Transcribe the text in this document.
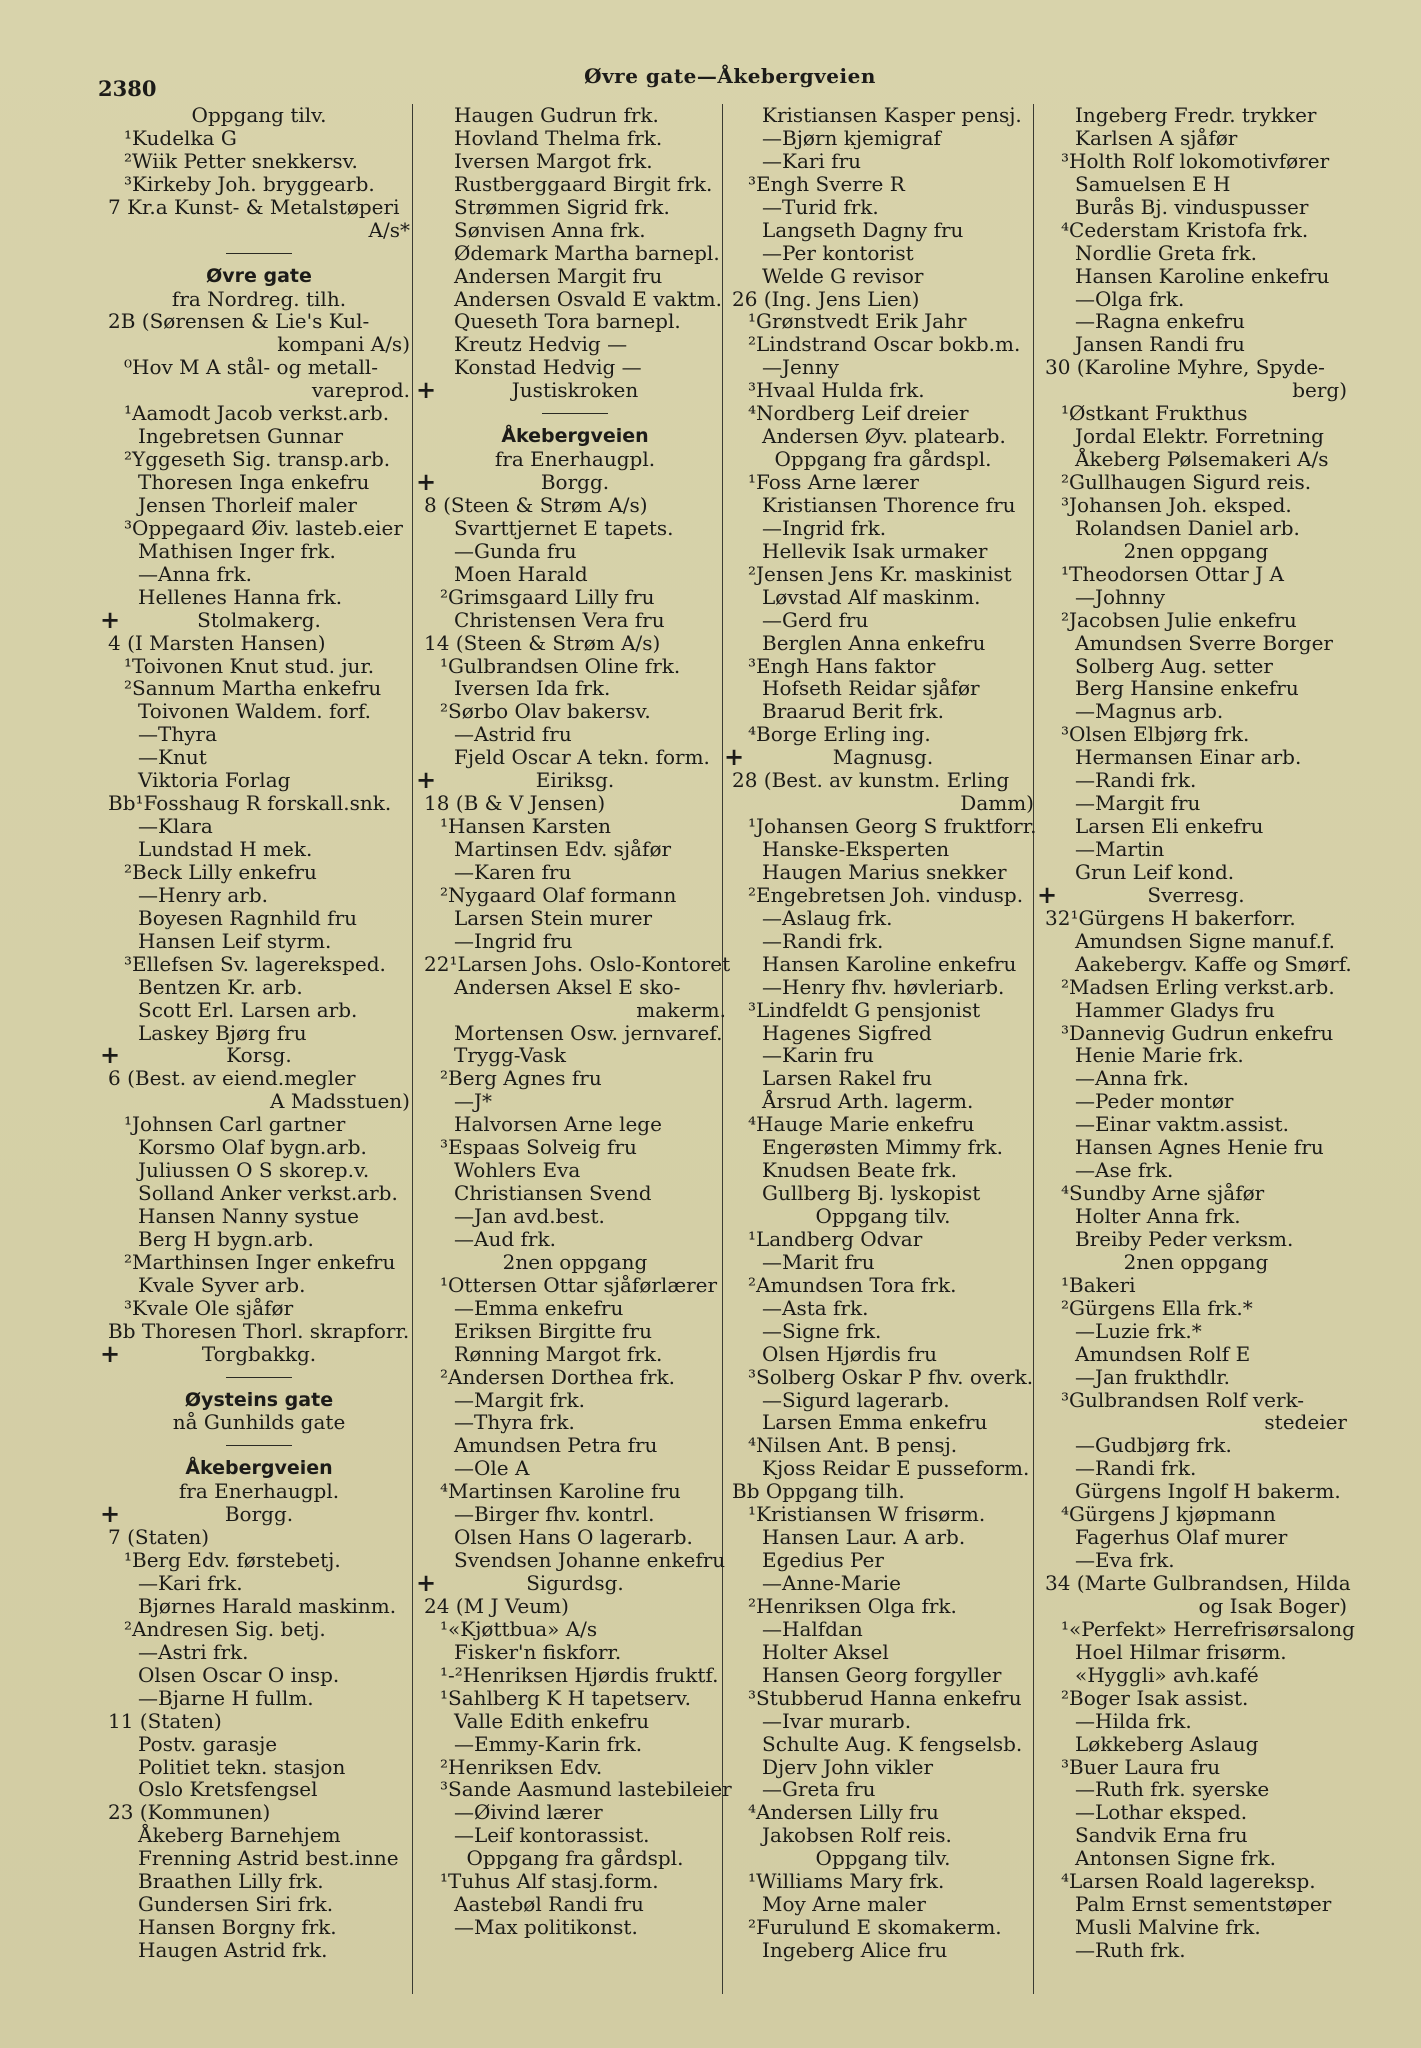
2380	Øvre gate—Åkebergveien
Oppgang tilv.
¹Kudelka G
²Wiik Petter snekkersv.
³Kirkeby Joh. bryggearb.
7 Kr.a Kunst- & Metalstøperi
A/s*
Øvre gate
fra Nordreg. tilh.
2B (Sørensen & Lie's Kul-
kompani A/s)
⁰Hov M A stål- og metall-
vareprod.
¹Aamodt Jacob verkst.arb.
Ingebretsen Gunnar
²Yggeseth Sig. transp.arb.
Thoresen Inga enkefru
Jensen Thorleif maler
³Oppegaard Øiv. lasteb.eier
Mathisen Inger frk.
—Anna frk.
Hellenes Hanna frk.
+	Stolmakerg.
4 (I Marsten Hansen)
¹Toivonen Knut stud. jur.
²Sannum Martha enkefru
Toivonen Waldem. forf.
—Thyra
—Knut
Viktoria Forlag
Bb¹Fosshaug R forskall.snk.
—Klara
Lundstad H mek.
²Beck Lilly enkefru
—Henry arb.
Boyesen Ragnhild fru
Hansen Leif styrm.
³Ellefsen Sv. lagereksped.
Bentzen Kr. arb.
Scott Erl. Larsen arb.
Laskey Bjørg fru
+	Korsg.
6 (Best. av eiend.megler
A Madsstuen)
¹Johnsen Carl gartner
Korsmo Olaf bygn.arb.
Juliussen O S skorep.v.
Solland Anker verkst.arb.
Hansen Nanny systue
Berg H bygn.arb.
²Marthinsen Inger enkefru
Kvale Syver arb.
³Kvale Ole sjåfør
Bb Thoresen Thorl. skrapforr.
+	Torgbakkg.
Øysteins gate
nå Gunhilds gate
Åkebergveien
fra Enerhaugpl.
+	Borgg.
7 (Staten)
¹Berg Edv. førstebetj.
—Kari frk.
Bjørnes Harald maskinm.
²Andresen Sig. betj.
—Astri frk.
Olsen Oscar O insp.
—Bjarne H fullm.
11 (Staten)
Postv. garasje
Politiet tekn. stasjon
Oslo Kretsfengsel
23 (Kommunen)
Åkeberg Barnehjem
Frenning Astrid best.inne
Braathen Lilly frk.
Gundersen Siri frk.
Hansen Borgny frk.
Haugen Astrid frk.
Haugen Gudrun frk.
Hovland Thelma frk.
Iversen Margot frk.
Rustberggaard Birgit frk.
Strømmen Sigrid frk.
Sønvisen Anna frk.
Ødemark Martha barnepl.
Andersen Margit fru
Andersen Osvald E vaktm.
Queseth Tora barnepl.
Kreutz Hedvig —
Konstad Hedvig —
+	Justiskroken
Åkebergveien
fra Enerhaugpl.
+	Borgg.
8 (Steen & Strøm A/s)
Svarttjernet E tapets.
—Gunda fru
Moen Harald
²Grimsgaard Lilly fru
Christensen Vera fru
14 (Steen & Strøm A/s)
¹Gulbrandsen Oline frk.
Iversen Ida frk.
²Sørbo Olav bakersv.
—Astrid fru
Fjeld Oscar A tekn. form.
+	Eiriksg.
18 (B & V Jensen)
¹Hansen Karsten
Martinsen Edv. sjåfør
—Karen fru
²Nygaard Olaf formann
Larsen Stein murer
—Ingrid fru
22¹Larsen Johs. Oslo-Kontoret
Andersen Aksel E sko-
makerm.
Mortensen Osw. jernvaref.
Trygg-Vask
²Berg Agnes fru
—J*
Halvorsen Arne lege
³Espaas Solveig fru
Wohlers Eva
Christiansen Svend
—Jan avd.best.
—Aud frk.
2nen oppgang
¹Ottersen Ottar sjåførlærer
—Emma enkefru
Eriksen Birgitte fru
Rønning Margot frk.
²Andersen Dorthea frk.
—Margit frk.
—Thyra frk.
Amundsen Petra fru
—Ole A
⁴Martinsen Karoline fru
—Birger fhv. kontrl.
Olsen Hans O lagerarb.
Svendsen Johanne enkefru
+	Sigurdsg.
24 (M J Veum)
¹«Kjøttbua» A/s
Fisker'n fiskforr.
¹-²Henriksen Hjørdis fruktf.
¹Sahlberg K H tapetserv.
Valle Edith enkefru
—Emmy-Karin frk.
²Henriksen Edv.
³Sande Aasmund lastebileier
—Øivind lærer
—Leif kontorassist.
Oppgang fra gårdspl.
¹Tuhus Alf stasj.form.
Aastebøl Randi fru
—Max politikonst.
Kristiansen Kasper pensj.
—Bjørn kjemigraf
—Kari fru
³Engh Sverre R
—Turid frk.
Langseth Dagny fru
—Per kontorist
Welde G revisor
26 (Ing. Jens Lien)
¹Grønstvedt Erik Jahr
²Lindstrand Oscar bokb.m.
—Jenny
³Hvaal Hulda frk.
⁴Nordberg Leif dreier
Andersen Øyv. platearb.
Oppgang fra gårdspl.
¹Foss Arne lærer
Kristiansen Thorence fru
—Ingrid frk.
Hellevik Isak urmaker
²Jensen Jens Kr. maskinist
Løvstad Alf maskinm.
—Gerd fru
Berglen Anna enkefru
³Engh Hans faktor
Hofseth Reidar sjåfør
Braarud Berit frk.
⁴Borge Erling ing.
+	Magnusg.
28 (Best. av kunstm. Erling
Damm)
¹Johansen Georg S fruktforr.
Hanske-Eksperten
Haugen Marius snekker
²Engebretsen Joh. vindusp.
—Aslaug frk.
—Randi frk.
Hansen Karoline enkefru
—Henry fhv. høvleriarb.
³Lindfeldt G pensjonist
Hagenes Sigfred
—Karin fru
Larsen Rakel fru
Årsrud Arth. lagerm.
⁴Hauge Marie enkefru
Engerøsten Mimmy frk.
Knudsen Beate frk.
Gullberg Bj. lyskopist
Oppgang tilv.
¹Landberg Odvar
—Marit fru
²Amundsen Tora frk.
—Asta frk.
—Signe frk.
Olsen Hjørdis fru
³Solberg Oskar P fhv. overk.
—Sigurd lagerarb.
Larsen Emma enkefru
⁴Nilsen Ant. B pensj.
Kjoss Reidar E pusseform.
Bb Oppgang tilh.
¹Kristiansen W frisørm.
Hansen Laur. A arb.
Egedius Per
—Anne-Marie
²Henriksen Olga frk.
—Halfdan
Holter Aksel
Hansen Georg forgyller
³Stubberud Hanna enkefru
—Ivar murarb.
Schulte Aug. K fengselsb.
Djerv John vikler
—Greta fru
⁴Andersen Lilly fru
Jakobsen Rolf reis.
Oppgang tilv.
¹Williams Mary frk.
Moy Arne maler
²Furulund E skomakerm.
Ingeberg Alice fru
Ingeberg Fredr. trykker
Karlsen A sjåfør
³Holth Rolf lokomotivfører
Samuelsen E H
Burås Bj. vinduspusser
⁴Cederstam Kristofa frk.
Nordlie Greta frk.
Hansen Karoline enkefru
—Olga frk.
—Ragna enkefru
Jansen Randi fru
30 (Karoline Myhre, Spyde-
berg)
¹Østkant Frukthus
Jordal Elektr. Forretning
Åkeberg Pølsemakeri A/s
²Gullhaugen Sigurd reis.
³Johansen Joh. eksped.
Rolandsen Daniel arb.
2nen oppgang
¹Theodorsen Ottar J A
—Johnny
²Jacobsen Julie enkefru
Amundsen Sverre Borger
Solberg Aug. setter
Berg Hansine enkefru
—Magnus arb.
³Olsen Elbjørg frk.
Hermansen Einar arb.
—Randi frk.
—Margit fru
Larsen Eli enkefru
—Martin
Grun Leif kond.
+	Sverresg.
32¹Gürgens H bakerforr.
Amundsen Signe manuf.f.
Aakebergv. Kaffe og Smørf.
²Madsen Erling verkst.arb.
Hammer Gladys fru
³Dannevig Gudrun enkefru
Henie Marie frk.
—Anna frk.
—Peder montør
—Einar vaktm.assist.
Hansen Agnes Henie fru
—Ase frk.
⁴Sundby Arne sjåfør
Holter Anna frk.
Breiby Peder verksm.
2nen oppgang
¹Bakeri
²Gürgens Ella frk.*
—Luzie frk.*
Amundsen Rolf E
—Jan frukthdlr.
³Gulbrandsen Rolf verk-
stedeier
—Gudbjørg frk.
—Randi frk.
Gürgens Ingolf H bakerm.
⁴Gürgens J kjøpmann
Fagerhus Olaf murer
—Eva frk.
34 (Marte Gulbrandsen, Hilda
og Isak Boger)
¹«Perfekt» Herrefrisørsalong
Hoel Hilmar frisørm.
«Hyggli» avh.kafé
²Boger Isak assist.
—Hilda frk.
Løkkeberg Aslaug
³Buer Laura fru
—Ruth frk. syerske
—Lothar eksped.
Sandvik Erna fru
Antonsen Signe frk.
⁴Larsen Roald lagereksp.
Palm Ernst sementstøper
Musli Malvine frk.
—Ruth frk.
